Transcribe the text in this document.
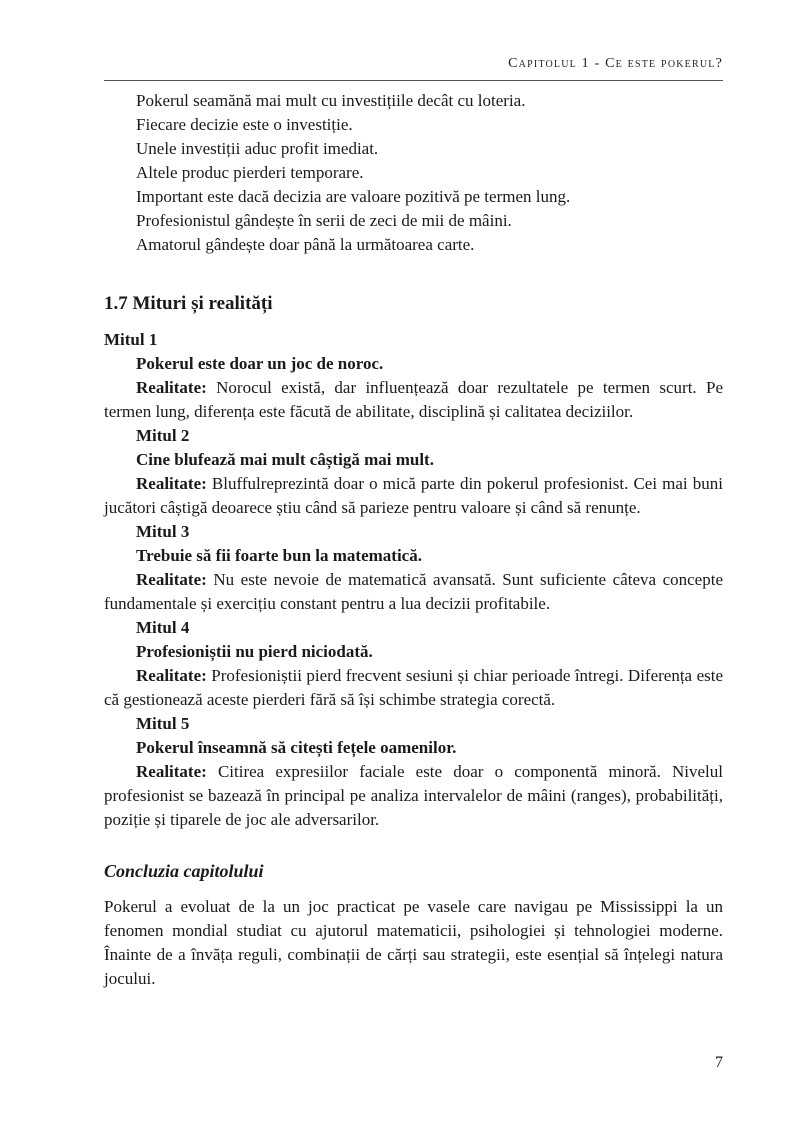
Capitolul 1 - Ce este pokerul?

Pokerul seamănă mai mult cu investițiile decât cu loteria.

Fiecare decizie este o investiție.

Unele investiții aduc profit imediat.

Altele produc pierderi temporare.

Important este dacă decizia are valoare pozitivă pe termen lung.

Profesionistul gândește în serii de zeci de mii de mâini.

Amatorul gândește doar până la următoarea carte.

1.7 Mituri și realități

Mitul 1

Pokerul este doar un joc de noroc.

Realitate: Norocul există, dar influențează doar rezultatele pe termen scurt. Pe termen lung, diferența este făcută de abilitate, disciplină și calitatea deciziilor.

Mitul 2

Cine blufează mai mult câștigă mai mult.

Realitate: Bluffulreprezintă doar o mică parte din pokerul profesionist. Cei mai buni jucători câștigă deoarece știu când să parieze pentru valoare și când să renunțe.

Mitul 3

Trebuie să fii foarte bun la matematică.

Realitate: Nu este nevoie de matematică avansată. Sunt suficiente câteva concepte fundamentale și exercițiu constant pentru a lua decizii profitabile.

Mitul 4

Profesioniștii nu pierd niciodată.

Realitate: Profesioniștii pierd frecvent sesiuni și chiar perioade întregi. Diferența este că gestionează aceste pierderi fără să își schimbe strategia corectă.

Mitul 5

Pokerul înseamnă să citești fețele oamenilor.

Realitate: Citirea expresiilor faciale este doar o componentă minoră. Nivelul profesionist se bazează în principal pe analiza intervalelor de mâini (ranges), probabilități, poziție și tiparele de joc ale adversarilor.

Concluzia capitolului

Pokerul a evoluat de la un joc practicat pe vasele care navigau pe Mississippi la un fenomen mondial studiat cu ajutorul matematicii, psihologiei și tehnologiei moderne. Înainte de a învăța reguli, combinații de cărți sau strategii, este esențial să înțelegi natura jocului.

7
